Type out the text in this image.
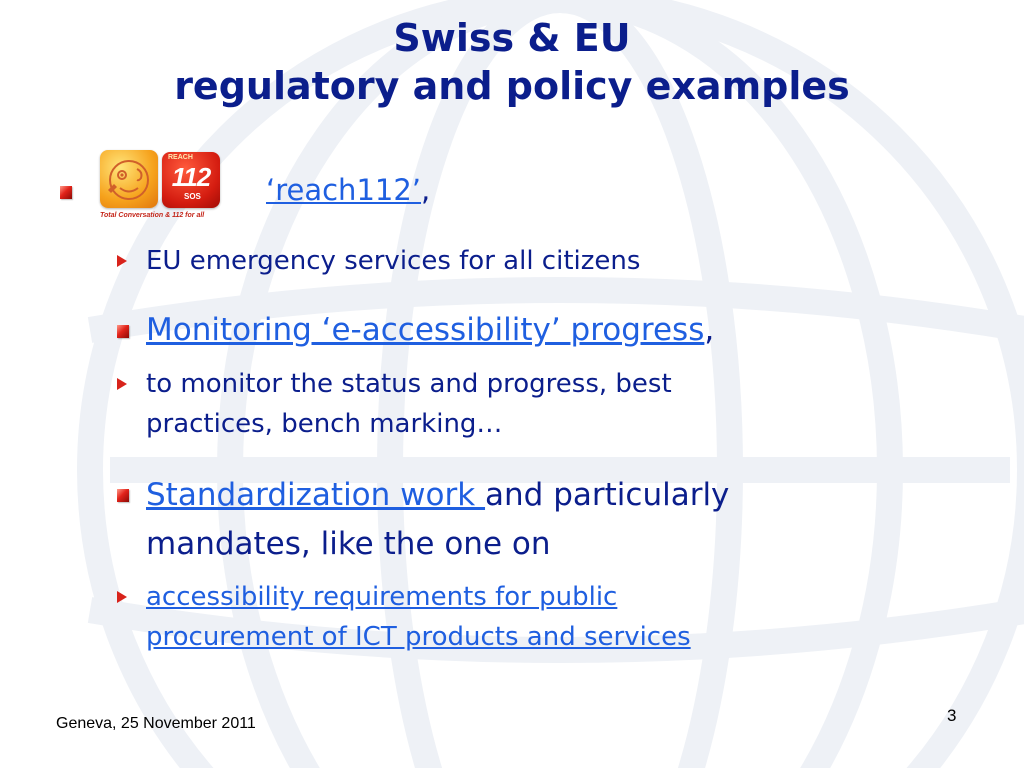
Swiss & EU
regulatory and policy examples
REACH
112
SOS
Total Conversation & 112 for all
‘reach112’,
EU emergency services for all citizens
Monitoring ‘e-accessibility’ progress,
to monitor the status and progress, best
practices, bench marking…
Standardization work and particularly
mandates, like the one on
accessibility requirements for public
procurement of ICT products and services
Geneva, 25 November 2011	3
